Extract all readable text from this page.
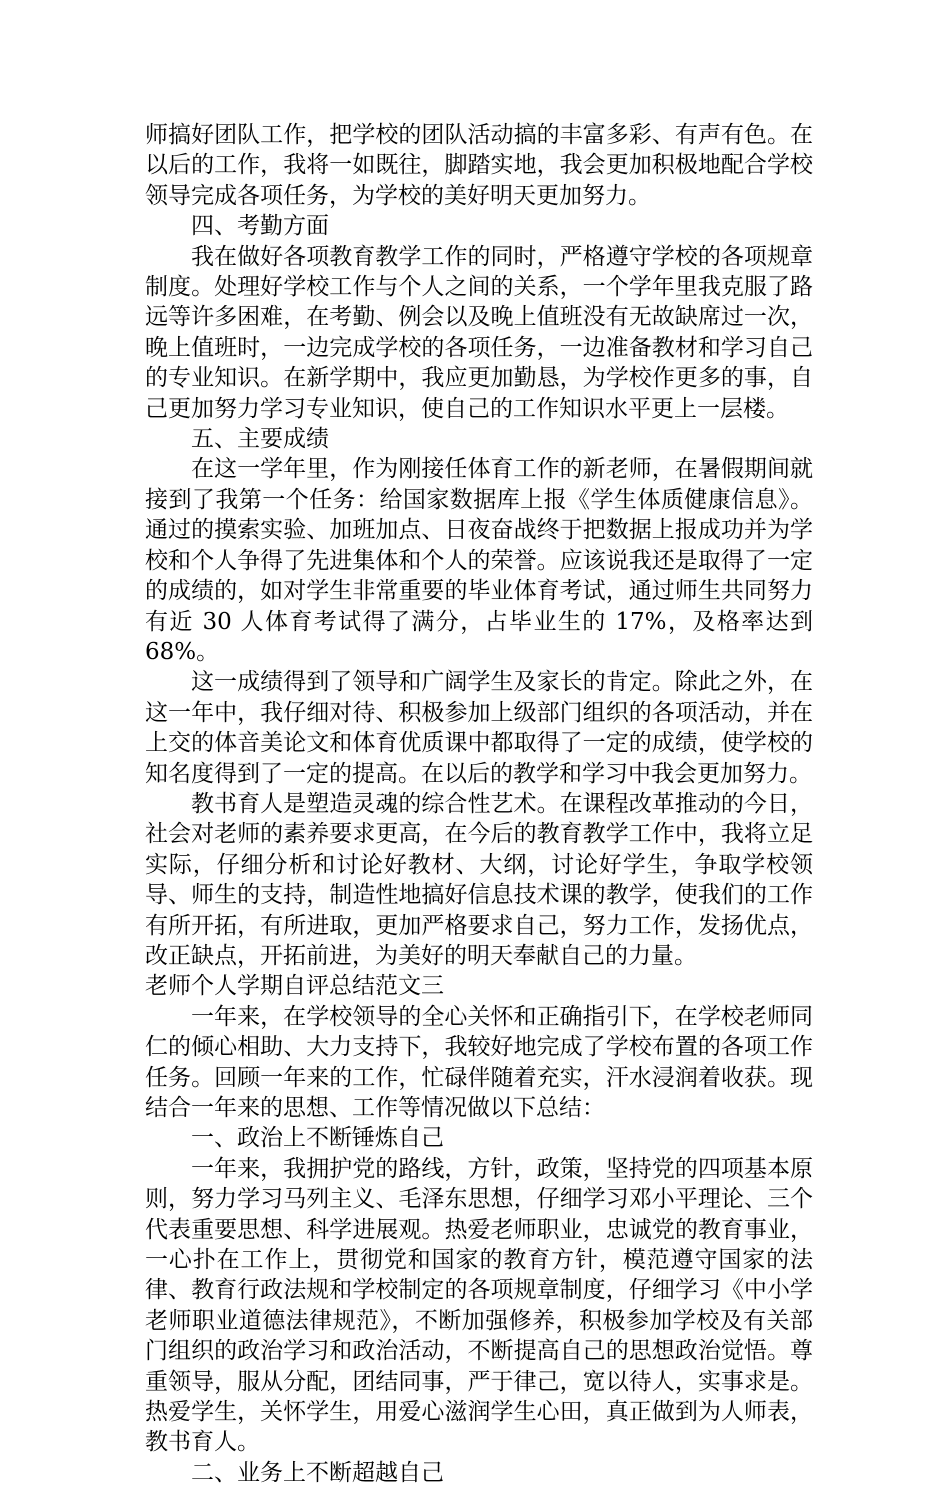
师搞好团队工作，把学校的团队活动搞的丰富多彩、有声有色。在以后的工作，我将一如既往，脚踏实地，我会更加积极地配合学校领导完成各项任务，为学校的美好明天更加努力。

四、考勤方面

我在做好各项教育教学工作的同时，严格遵守学校的各项规章制度。处理好学校工作与个人之间的关系，一个学年里我克服了路远等许多困难，在考勤、例会以及晚上值班没有无故缺席过一次，晚上值班时，一边完成学校的各项任务，一边准备教材和学习自己的专业知识。在新学期中，我应更加勤恳，为学校作更多的事，自己更加努力学习专业知识，使自己的工作知识水平更上一层楼。

五、主要成绩

在这一学年里，作为刚接任体育工作的新老师，在暑假期间就接到了我第一个任务：给国家数据库上报《学生体质健康信息》。通过的摸索实验、加班加点、日夜奋战终于把数据上报成功并为学校和个人争得了先进集体和个人的荣誉。应该说我还是取得了一定的成绩的，如对学生非常重要的毕业体育考试，通过师生共同努力有近 30 人体育考试得了满分，占毕业生的 17%，及格率达到 68%。

这一成绩得到了领导和广阔学生及家长的肯定。除此之外，在这一年中，我仔细对待、积极参加上级部门组织的各项活动，并在上交的体音美论文和体育优质课中都取得了一定的成绩，使学校的知名度得到了一定的提高。在以后的教学和学习中我会更加努力。

教书育人是塑造灵魂的综合性艺术。在课程改革推动的今日，社会对老师的素养要求更高，在今后的教育教学工作中，我将立足实际，仔细分析和讨论好教材、大纲，讨论好学生，争取学校领导、师生的支持，制造性地搞好信息技术课的教学，使我们的工作有所开拓，有所进取，更加严格要求自己，努力工作，发扬优点，改正缺点，开拓前进，为美好的明天奉献自己的力量。

老师个人学期自评总结范文三

一年来，在学校领导的全心关怀和正确指引下，在学校老师同仁的倾心相助、大力支持下，我较好地完成了学校布置的各项工作任务。回顾一年来的工作，忙碌伴随着充实，汗水浸润着收获。现结合一年来的思想、工作等情况做以下总结：

一、政治上不断锤炼自己

一年来，我拥护党的路线，方针，政策，坚持党的四项基本原则，努力学习马列主义、毛泽东思想，仔细学习邓小平理论、三个代表重要思想、科学进展观。热爱老师职业，忠诚党的教育事业，一心扑在工作上，贯彻党和国家的教育方针，模范遵守国家的法律、教育行政法规和学校制定的各项规章制度，仔细学习《中小学老师职业道德法律规范》，不断加强修养，积极参加学校及有关部门组织的政治学习和政治活动，不断提高自己的思想政治觉悟。尊重领导，服从分配，团结同事，严于律己，宽以待人，实事求是。热爱学生，关怀学生，用爱心滋润学生心田，真正做到为人师表，教书育人。

二、业务上不断超越自己
